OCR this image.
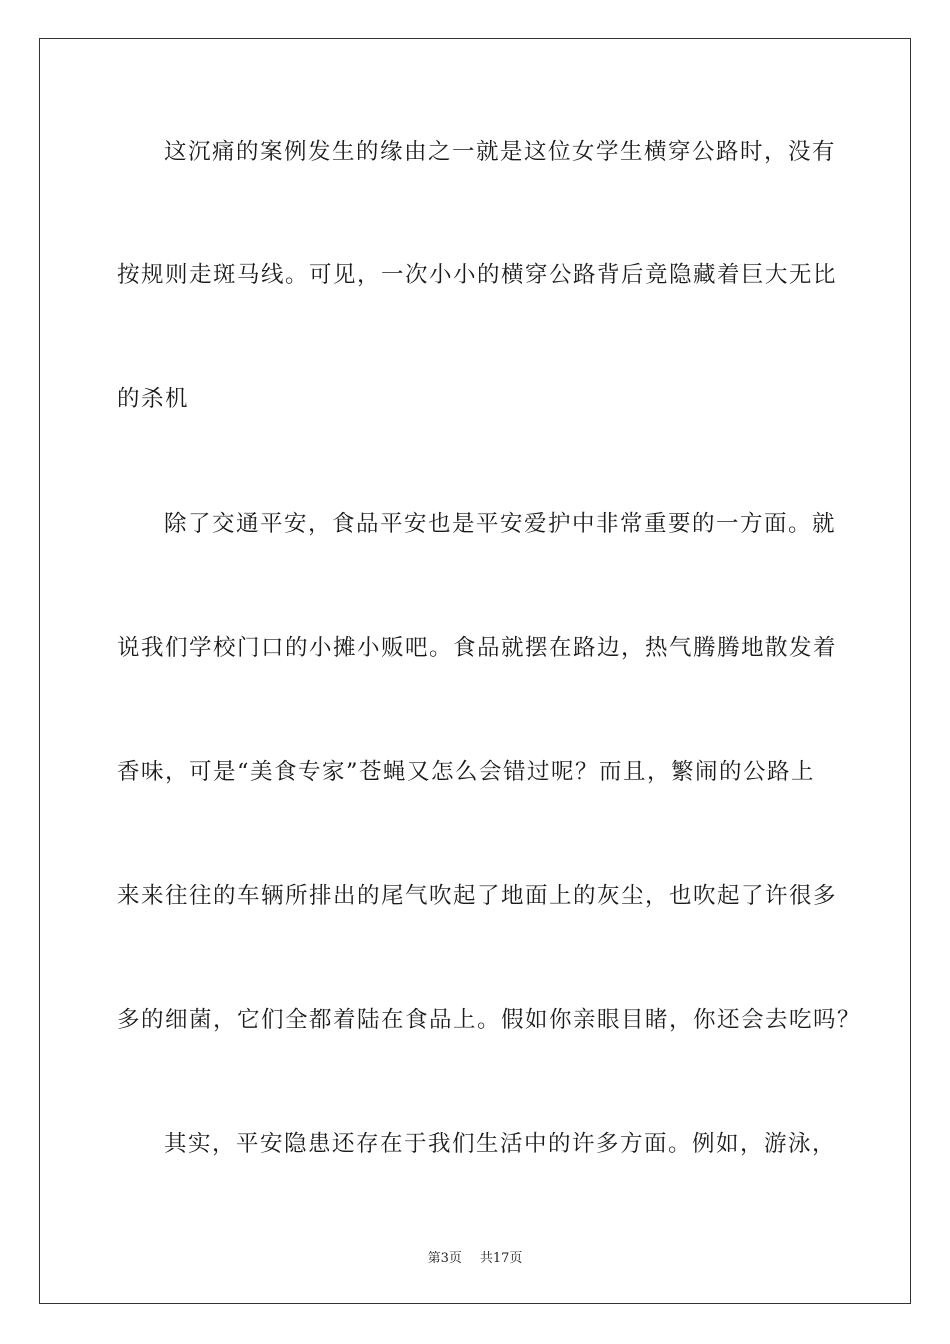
这沉痛的案例发生的缘由之一就是这位女学生横穿公路时，没有
按规则走斑马线。可见，一次小小的横穿公路背后竟隐藏着巨大无比
的杀机
除了交通平安，食品平安也是平安爱护中非常重要的一方面。就
说我们学校门口的小摊小贩吧。食品就摆在路边，热气腾腾地散发着
香味，可是“美食专家”苍蝇又怎么会错过呢？而且，繁闹的公路上
来来往往的车辆所排出的尾气吹起了地面上的灰尘，也吹起了许很多
多的细菌，它们全都着陆在食品上。假如你亲眼目睹，你还会去吃吗？
其实，平安隐患还存在于我们生活中的许多方面。例如，游泳，
第3页 共17页
